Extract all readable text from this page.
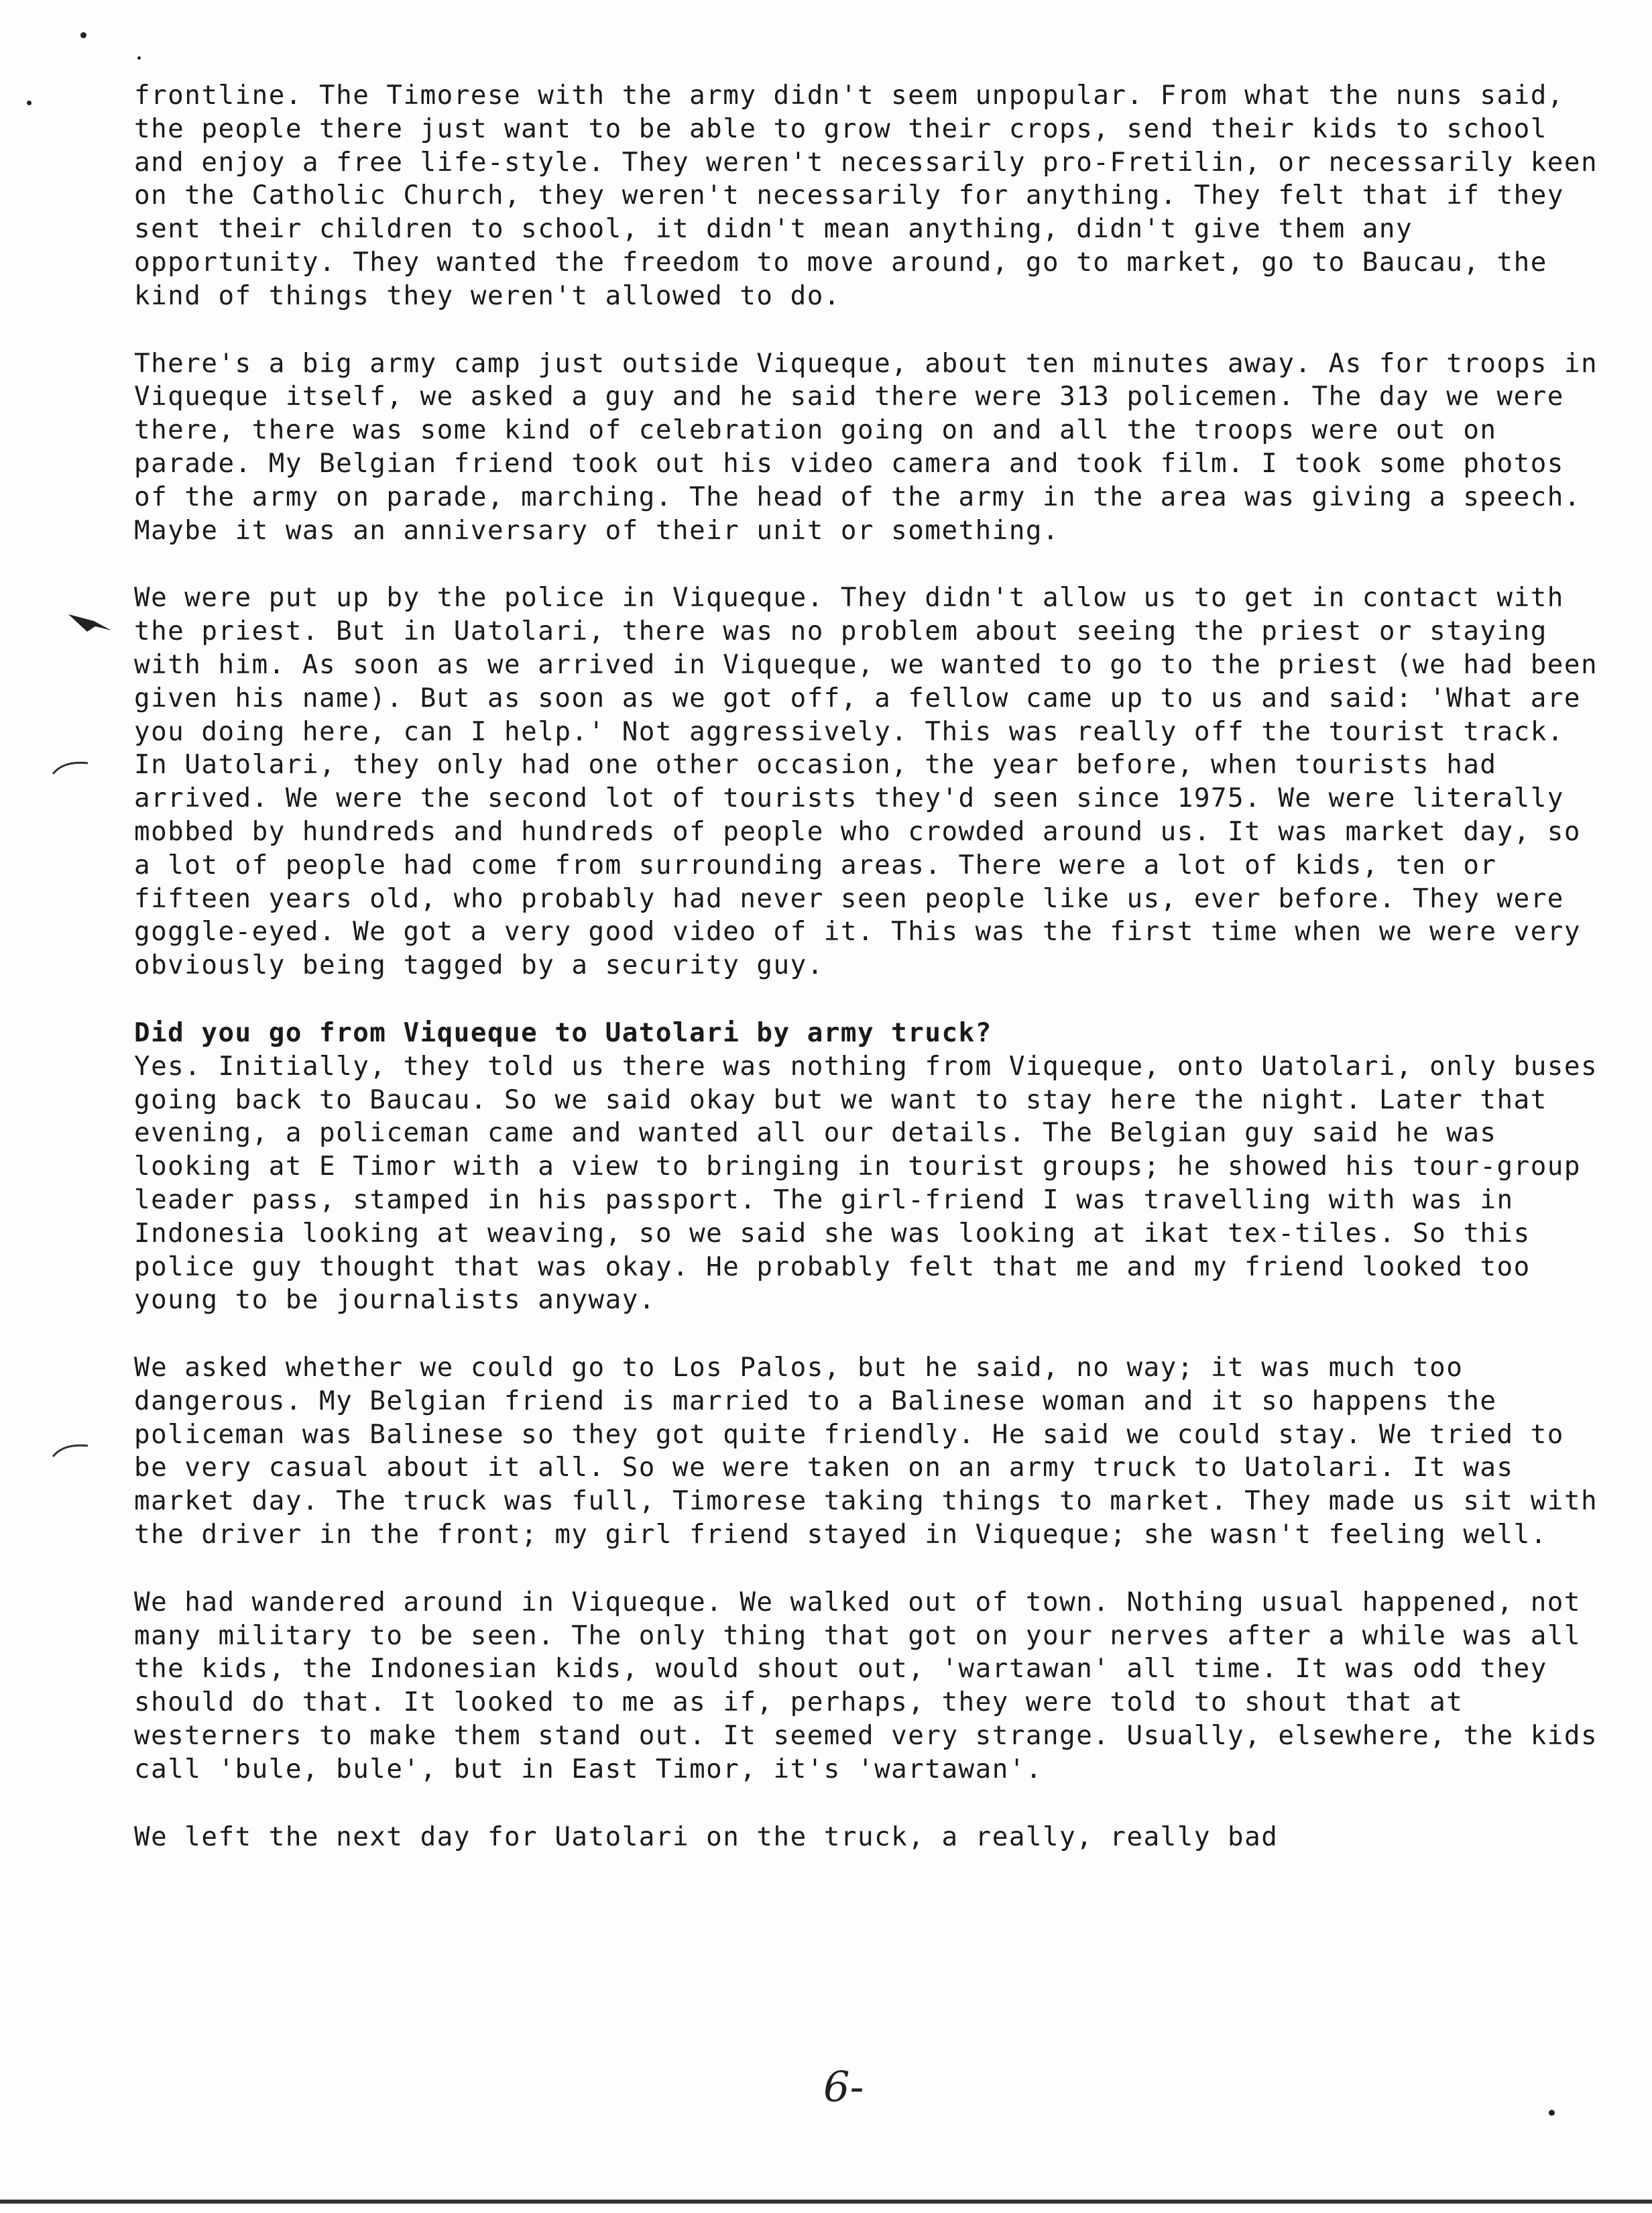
frontline. The Timorese with the army didn't seem unpopular. From what the nuns said, the people there just want to be able to grow their crops, send their kids to school and enjoy a free life-style. They weren't necessarily pro-Fretilin, or necessarily keen on the Catholic Church, they weren't necessarily for anything. They felt that if they sent their children to school, it didn't mean anything, didn't give them any opportunity. They wanted the freedom to move around, go to market, go to Baucau, the kind of things they weren't allowed to do.

There's a big army camp just outside Viqueque, about ten minutes away. As for troops in Viqueque itself, we asked a guy and he said there were 313 policemen. The day we were there, there was some kind of celebration going on and all the troops were out on parade. My Belgian friend took out his video camera and took film. I took some photos of the army on parade, marching. The head of the army in the area was giving a speech. Maybe it was an anniversary of their unit or something.

We were put up by the police in Viqueque. They didn't allow us to get in contact with the priest. But in Uatolari, there was no problem about seeing the priest or staying with him. As soon as we arrived in Viqueque, we wanted to go to the priest (we had been given his name). But as soon as we got off, a fellow came up to us and said: 'What are you doing here, can I help.' Not aggressively. This was really off the tourist track. In Uatolari, they only had one other occasion, the year before, when tourists had arrived. We were the second lot of tourists they'd seen since 1975. We were literally mobbed by hundreds and hundreds of people who crowded around us. It was market day, so a lot of people had come from surrounding areas. There were a lot of kids, ten or fifteen years old, who probably had never seen people like us, ever before. They were goggle-eyed. We got a very good video of it. This was the first time when we were very obviously being tagged by a security guy.

Did you go from Viqueque to Uatolari by army truck?

Yes. Initially, they told us there was nothing from Viqueque, onto Uatolari, only buses going back to Baucau. So we said okay but we want to stay here the night. Later that evening, a policeman came and wanted all our details. The Belgian guy said he was looking at E Timor with a view to bringing in tourist groups; he showed his tour-group leader pass, stamped in his passport. The girl-friend I was travelling with was in Indonesia looking at weaving, so we said she was looking at ikat tex-tiles. So this police guy thought that was okay. He probably felt that me and my friend looked too young to be journalists anyway.

We asked whether we could go to Los Palos, but he said, no way; it was much too dangerous. My Belgian friend is married to a Balinese woman and it so happens the policeman was Balinese so they got quite friendly. He said we could stay. We tried to be very casual about it all. So we were taken on an army truck to Uatolari. It was market day. The truck was full, Timorese taking things to market. They made us sit with the driver in the front; my girl friend stayed in Viqueque; she wasn't feeling well.

We had wandered around in Viqueque. We walked out of town. Nothing usual happened, not many military to be seen. The only thing that got on your nerves after a while was all the kids, the Indonesian kids, would shout out, 'wartawan' all time. It was odd they should do that. It looked to me as if, perhaps, they were told to shout that at westerners to make them stand out. It seemed very strange. Usually, elsewhere, the kids call 'bule, bule', but in East Timor, it's 'wartawan'.

We left the next day for Uatolari on the truck, a really, really bad

6-
